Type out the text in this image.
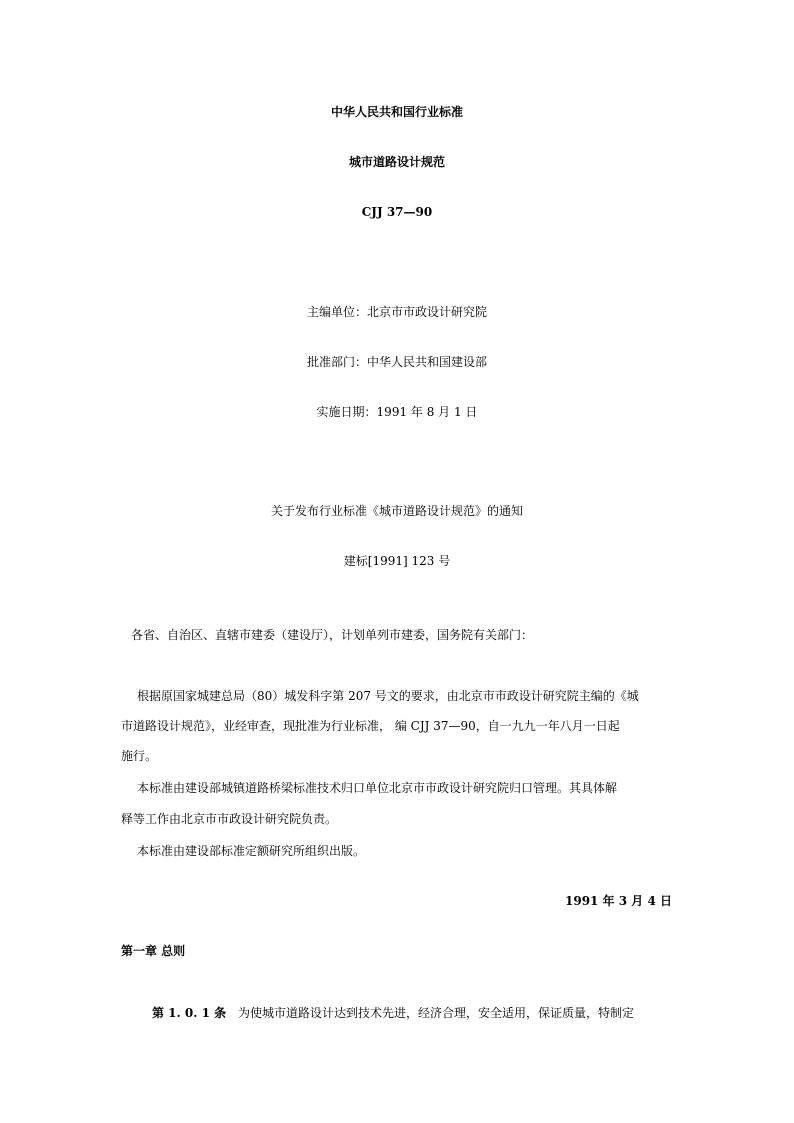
中华人民共和国行业标准
城市道路设计规范
CJJ 37—90
主编单位：北京市市政设计研究院
批准部门：中华人民共和国建设部
实施日期：1991 年 8 月 1 日
关于发布行业标准《城市道路设计规范》的通知
建标[1991] 123 号
各省、自治区、直辖市建委（建设厅），计划单列市建委，国务院有关部门：
根据原国家城建总局（80）城发科字第 207 号文的要求，由北京市市政设计研究院主编的《城
市道路设计规范》，业经审查，现批准为行业标准， 编 CJJ 37—90，自一九九一年八月一日起
施行。
本标准由建设部城镇道路桥梁标准技术归口单位北京市市政设计研究院归口管理。其具体解
释等工作由北京市市政设计研究院负责。
本标准由建设部标准定额研究所组织出版。
1991 年 3 月 4 日
第一章 总则
第 1. 0. 1 条 为使城市道路设计达到技术先进，经济合理，安全适用，保证质量，特制定
